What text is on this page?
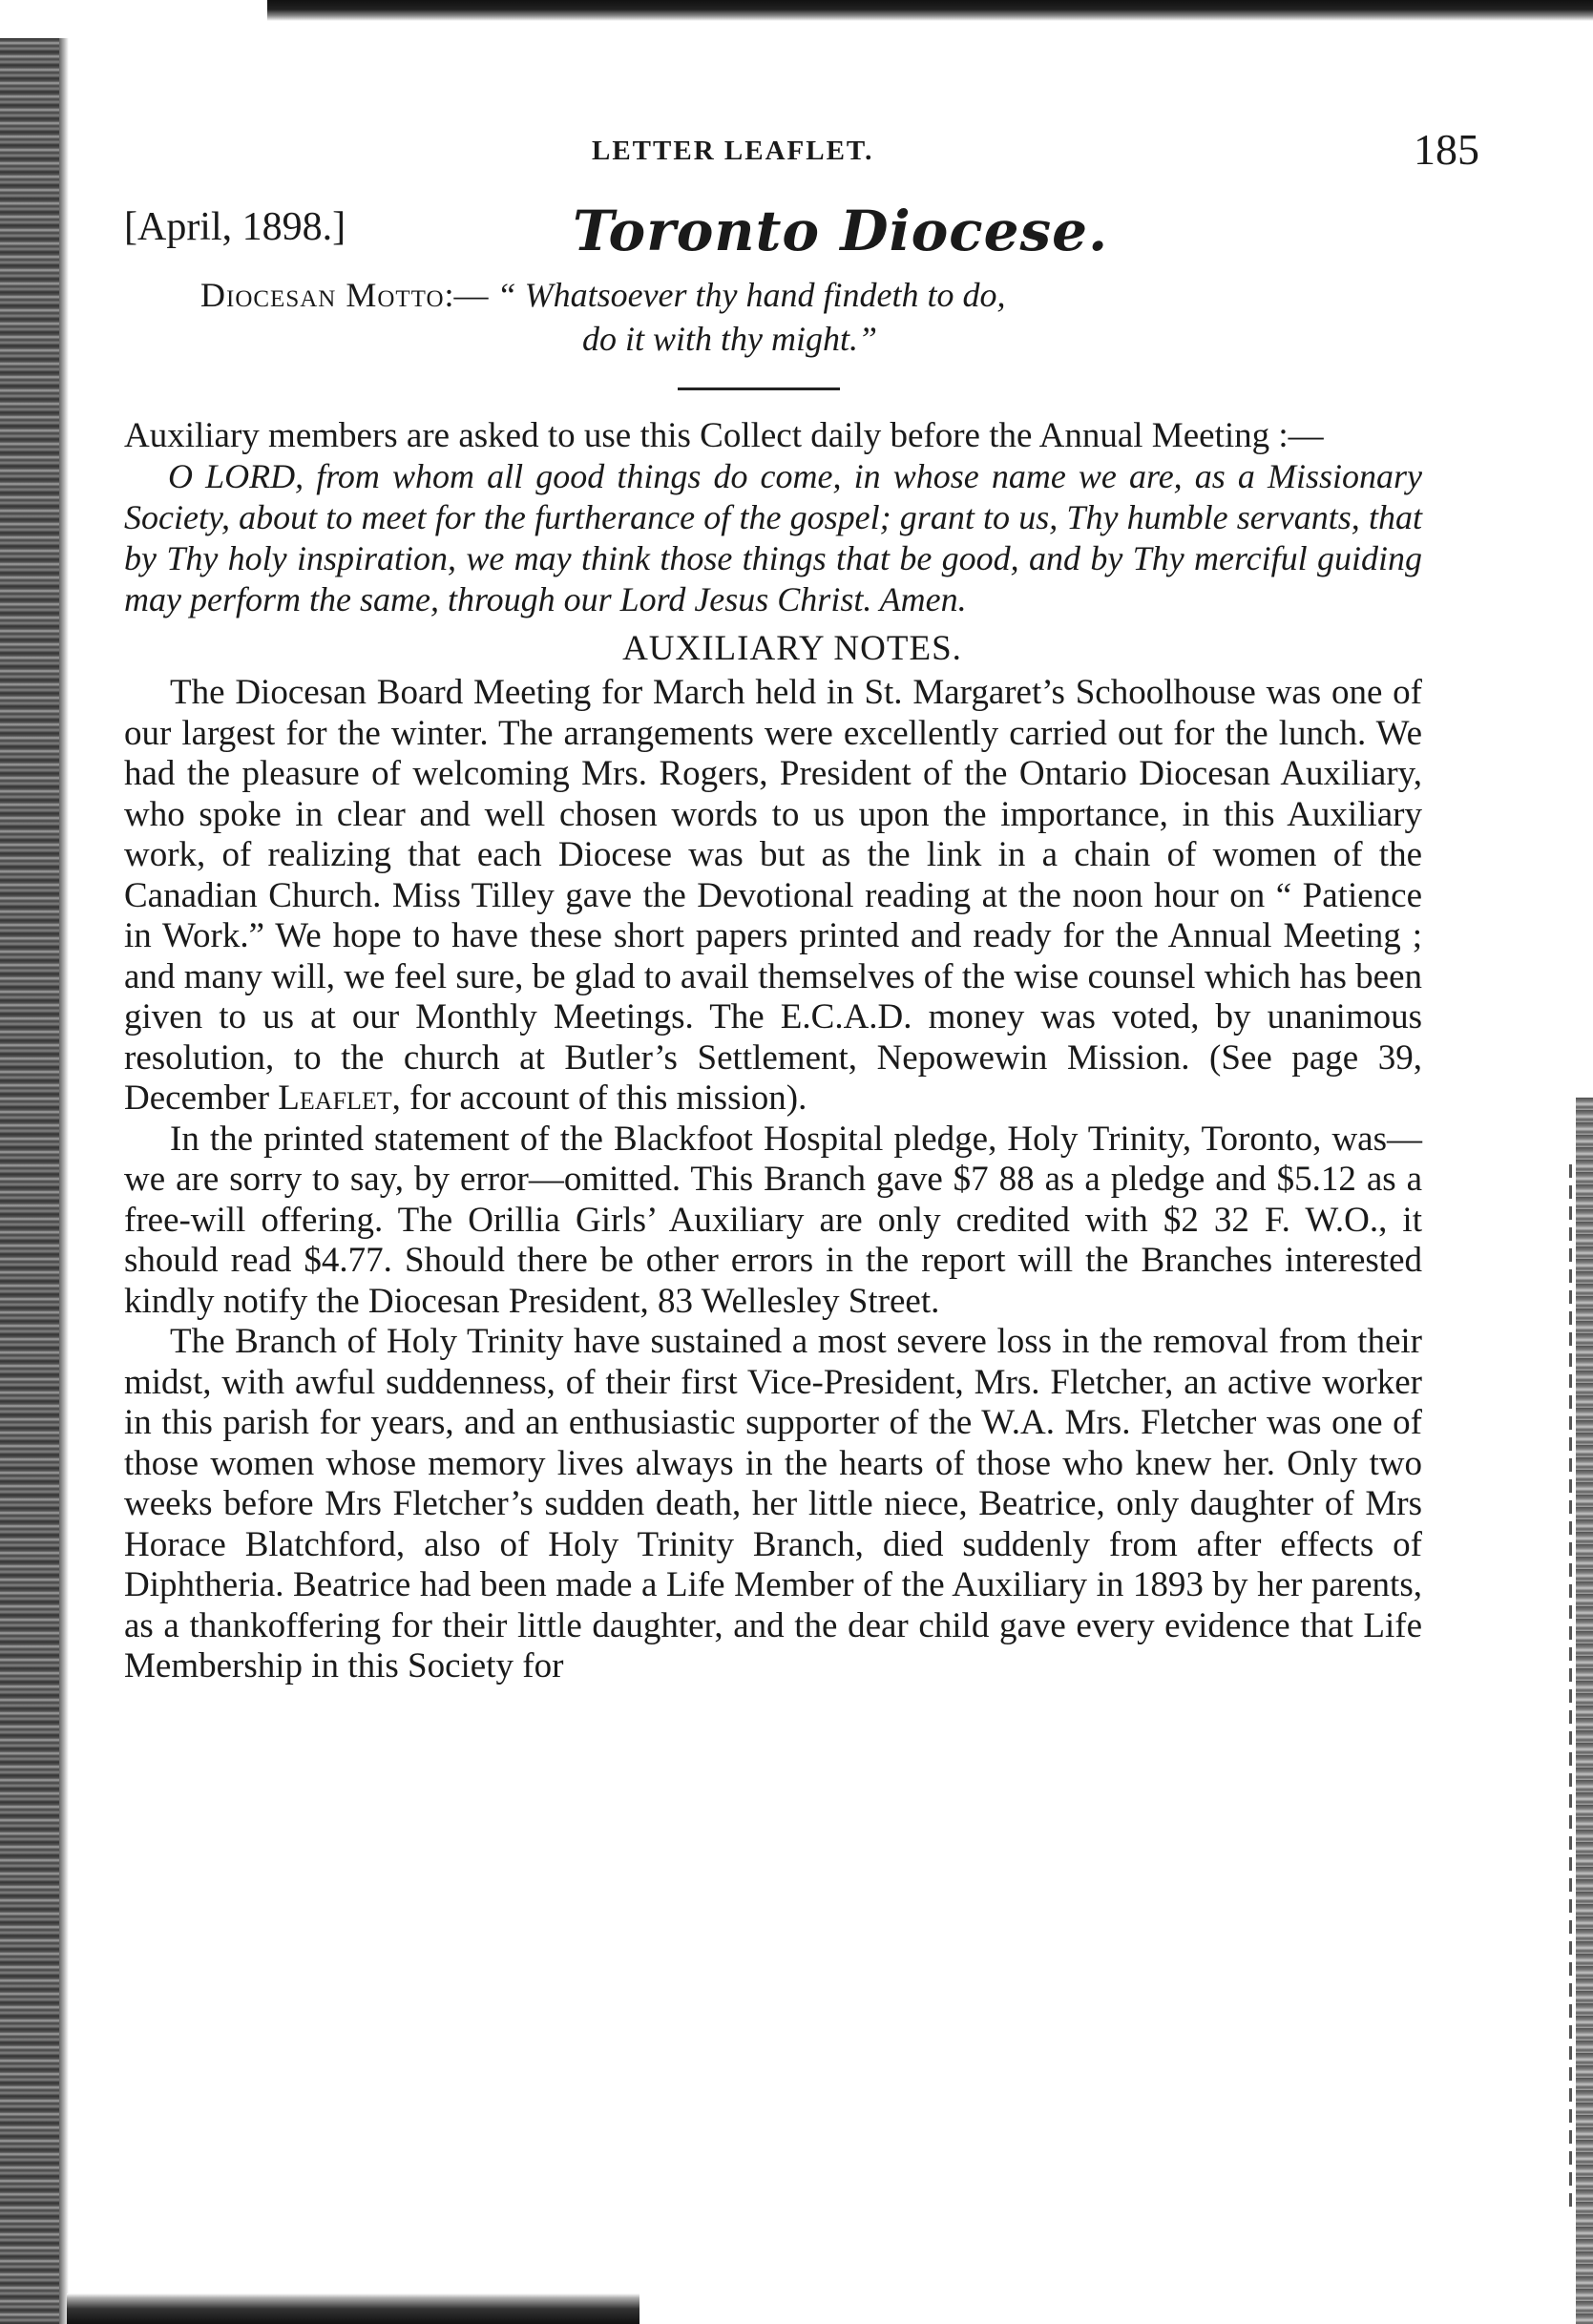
LETTER LEAFLET.	185
[April, 1898.]	Toronto Diocese.
Diocesan Motto:— “ Whatsoever thy hand findeth to do,
do it with thy might.”

Auxiliary members are asked to use this Collect daily before the Annual Meeting :—

O LORD, from whom all good things do come, in whose name we are, as a Missionary Society, about to meet for the furtherance of the gospel; grant to us, Thy humble servants, that by Thy holy inspiration, we may think those things that be good, and by Thy merciful guiding may perform the same, through our Lord Jesus Christ. Amen.

AUXILIARY NOTES.

The Diocesan Board Meeting for March held in St. Margaret’s Schoolhouse was one of our largest for the winter. The arrangements were excellently carried out for the lunch. We had the pleasure of welcoming Mrs. Rogers, President of the Ontario Diocesan Auxiliary, who spoke in clear and well chosen words to us upon the importance, in this Auxiliary work, of realizing that each Diocese was but as the link in a chain of women of the Canadian Church. Miss Tilley gave the Devotional reading at the noon hour on “ Patience in Work.” We hope to have these short papers printed and ready for the Annual Meeting ; and many will, we feel sure, be glad to avail themselves of the wise counsel which has been given to us at our Monthly Meetings. The E.C.A.D. money was voted, by unanimous resolution, to the church at Butler’s Settlement, Nepowewin Mission. (See page 39, December Leaflet, for account of this mission).

In the printed statement of the Blackfoot Hospital pledge, Holy Trinity, Toronto, was—we are sorry to say, by error—omitted. This Branch gave $7 88 as a pledge and $5.12 as a free-will offering. The Orillia Girls’ Auxiliary are only credited with $2 32 F. W.O., it should read $4.77. Should there be other errors in the report will the Branches interested kindly notify the Diocesan President, 83 Wellesley Street.

The Branch of Holy Trinity have sustained a most severe loss in the removal from their midst, with awful suddenness, of their first Vice-President, Mrs. Fletcher, an active worker in this parish for years, and an enthusiastic supporter of the W.A. Mrs. Fletcher was one of those women whose memory lives always in the hearts of those who knew her. Only two weeks before Mrs Fletcher’s sudden death, her little niece, Beatrice, only daughter of Mrs Horace Blatchford, also of Holy Trinity Branch, died suddenly from after effects of Diphtheria. Beatrice had been made a Life Member of the Auxiliary in 1893 by her parents, as a thankoffering for their little daughter, and the dear child gave every evidence that Life Membership in this Society for
